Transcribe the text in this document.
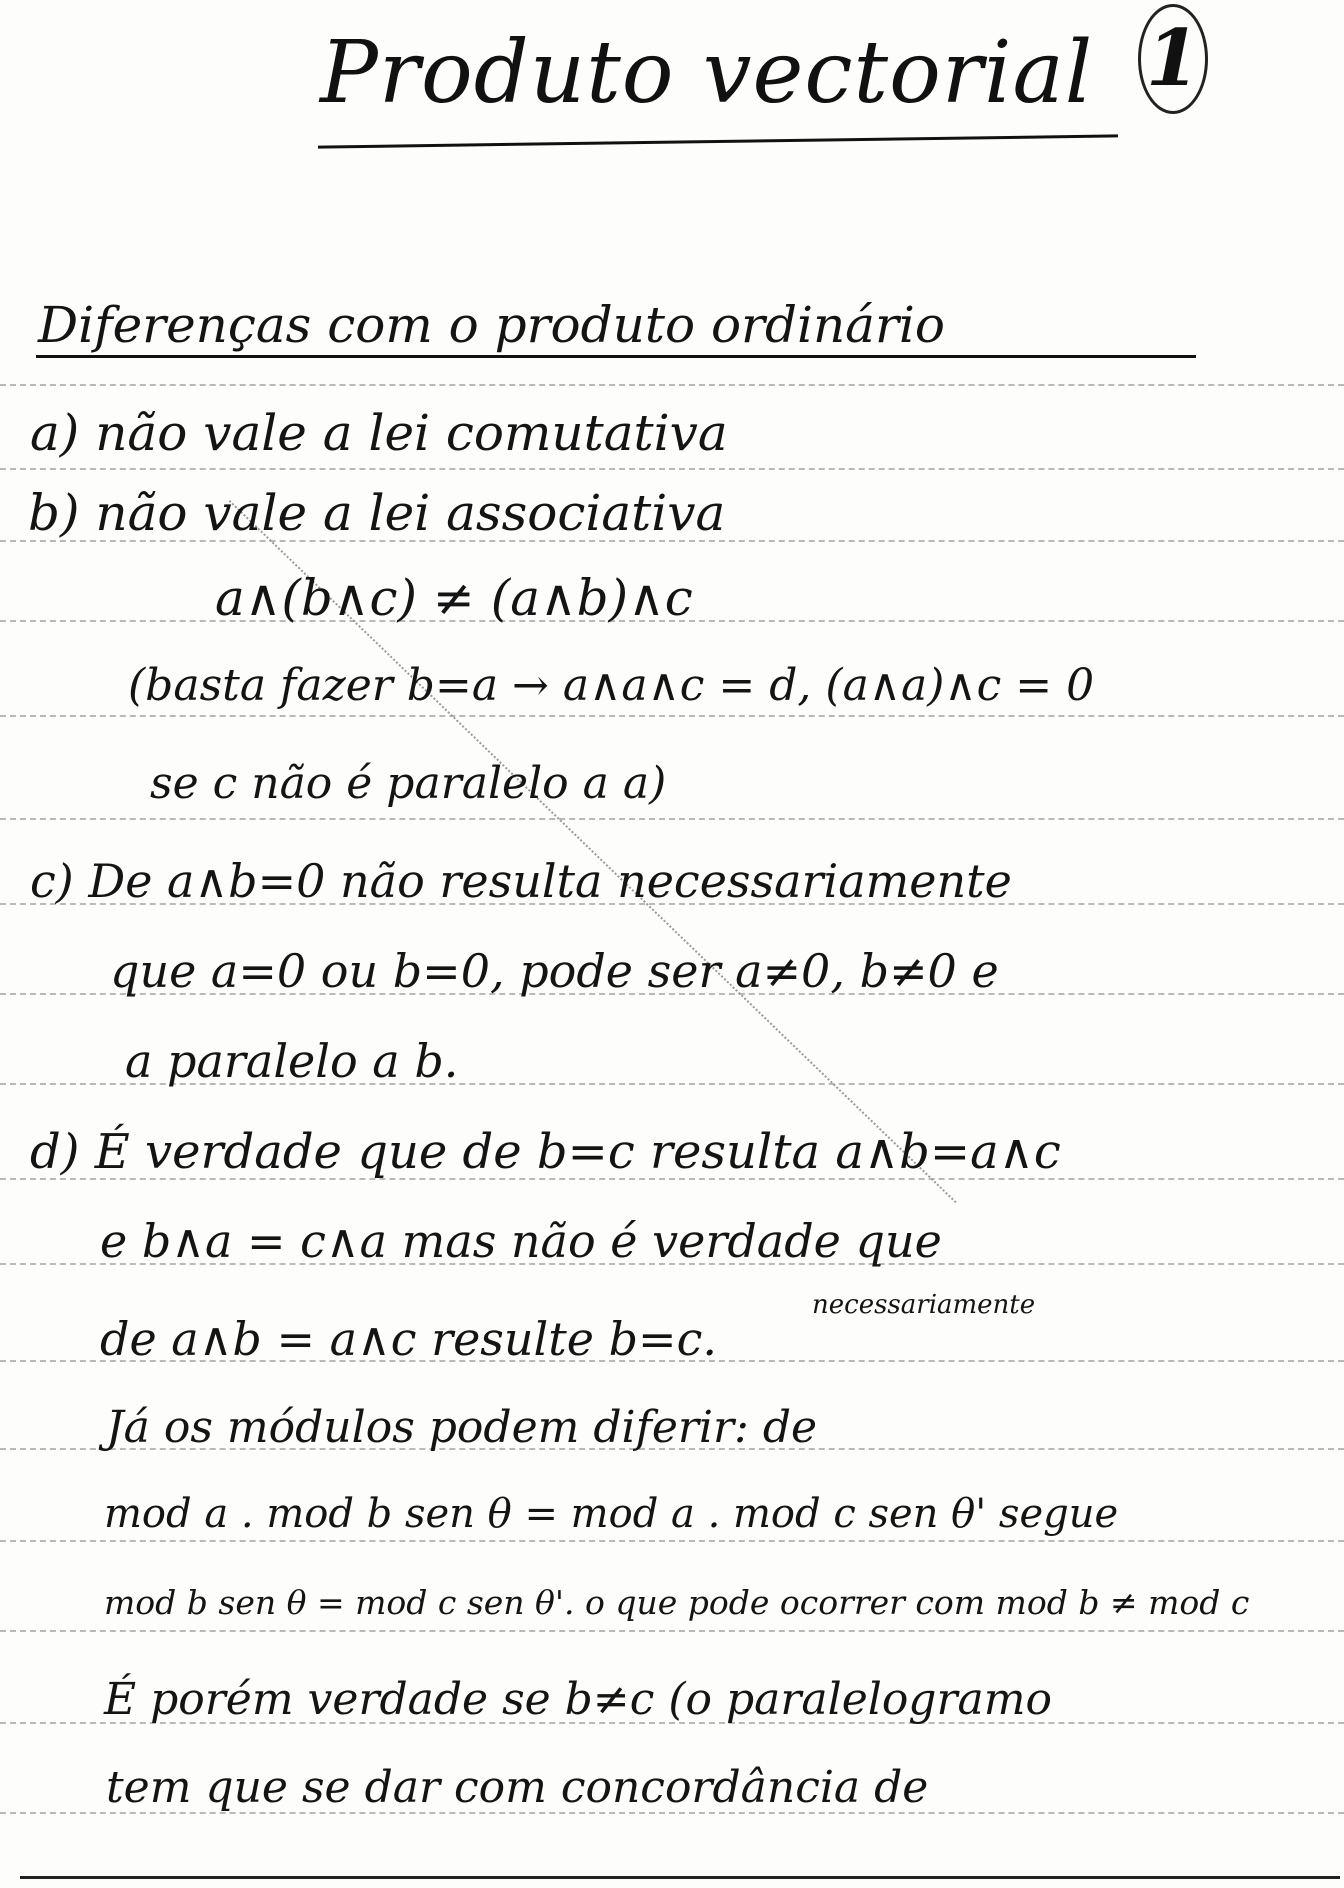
Produto vectorial 1
Diferenças com o produto ordinário
a) não vale a lei comutativa
b) não vale a lei associativa
a∧(b∧c) ≠ (a∧b)∧c
(basta fazer b=a → a∧a∧c = d, (a∧a)∧c = 0
se c não é paralelo a a)
c) De a∧b=0 não resulta necessariamente
que a=0 ou b=0, pode ser a≠0, b≠0 e
a paralelo a b.
d) É verdade que de b=c resulta a∧b=a∧c
e b∧a = c∧a mas não é verdade que
necessariamente
de a∧b = a∧c resulte b=c.
Já os módulos podem diferir: de
mod a . mod b sen θ = mod a . mod c sen θ' segue
mod b sen θ = mod c sen θ'. o que pode ocorrer com mod b ≠ mod c
É porém verdade se b≠c (o paralelogramo
tem que se dar com concordância de
